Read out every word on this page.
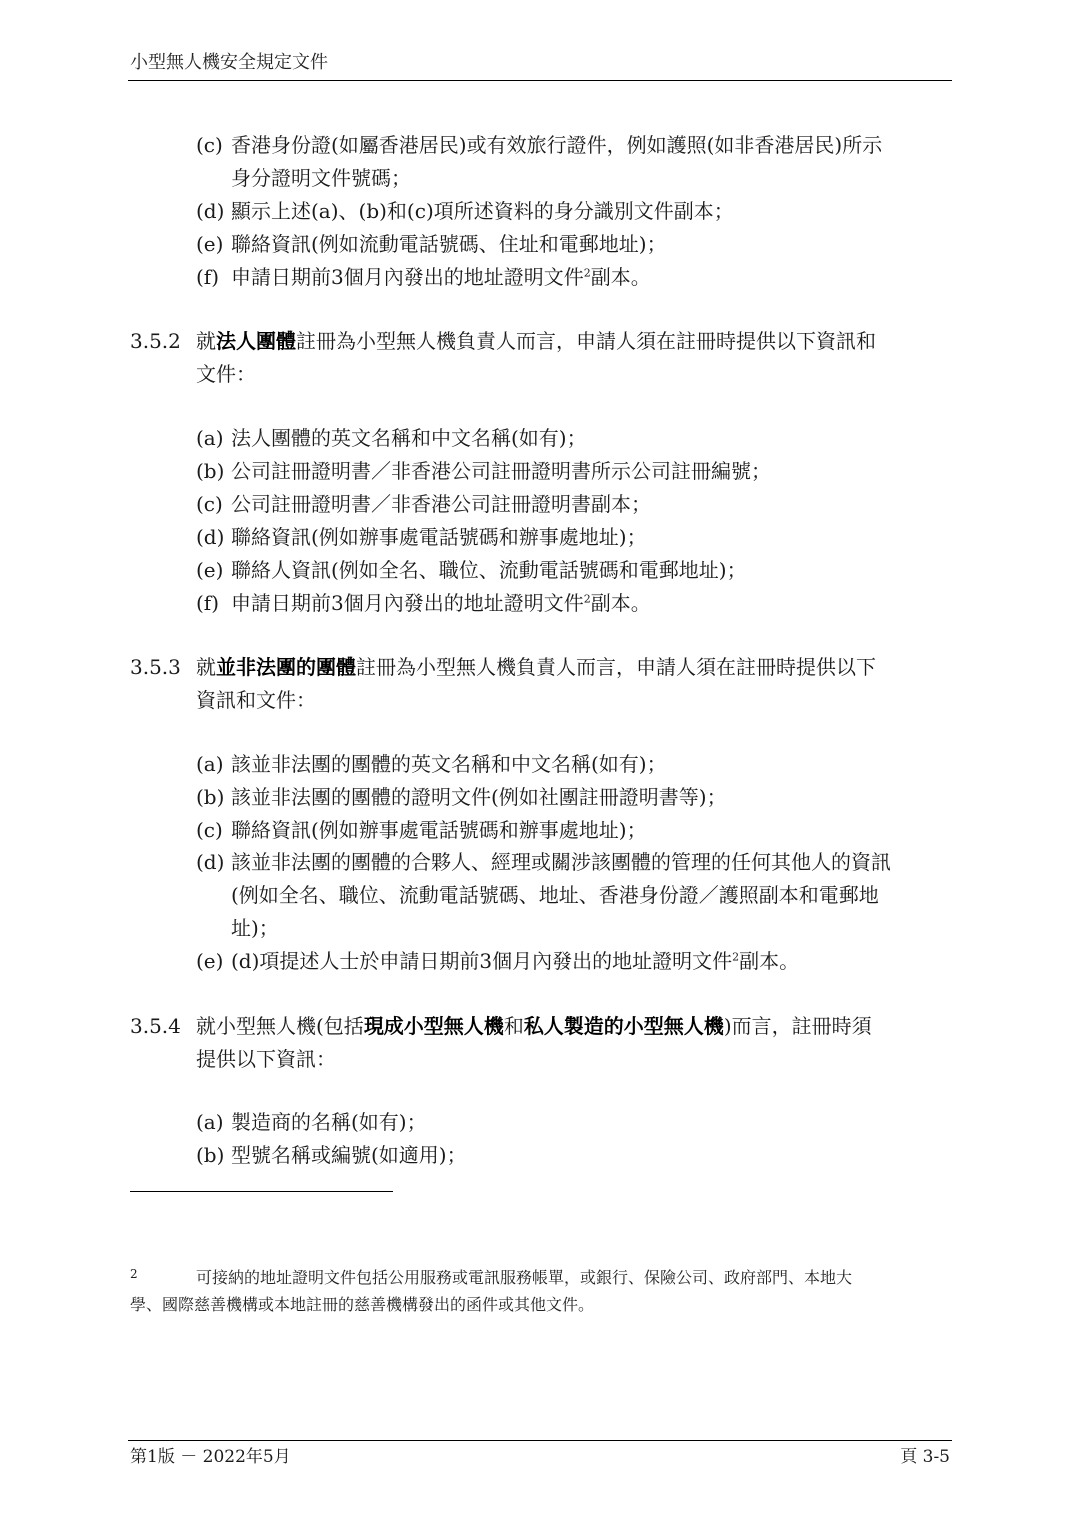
小型無人機安全規定文件
(c) 香港身份證(如屬香港居民)或有效旅行證件，例如護照(如非香港居民)所示
身分證明文件號碼；
(d) 顯示上述(a)、(b)和(c)項所述資料的身分識別文件副本；
(e) 聯絡資訊(例如流動電話號碼、住址和電郵地址)；
(f) 申請日期前3個月內發出的地址證明文件$^2$副本。
3.5.2 就法人團體註冊為小型無人機負責人而言，申請人須在註冊時提供以下資訊和
文件：
(a) 法人團體的英文名稱和中文名稱(如有)；
(b) 公司註冊證明書／非香港公司註冊證明書所示公司註冊編號；
(c) 公司註冊證明書／非香港公司註冊證明書副本；
(d) 聯絡資訊(例如辦事處電話號碼和辦事處地址)；
(e) 聯絡人資訊(例如全名、職位、流動電話號碼和電郵地址)；
(f) 申請日期前3個月內發出的地址證明文件$^2$副本。
3.5.3 就並非法團的團體註冊為小型無人機負責人而言，申請人須在註冊時提供以下
資訊和文件：
(a) 該並非法團的團體的英文名稱和中文名稱(如有)；
(b) 該並非法團的團體的證明文件(例如社團註冊證明書等)；
(c) 聯絡資訊(例如辦事處電話號碼和辦事處地址)；
(d) 該並非法團的團體的合夥人、經理或關涉該團體的管理的任何其他人的資訊
(例如全名、職位、流動電話號碼、地址、香港身份證／護照副本和電郵地
址)；
(e) (d)項提述人士於申請日期前3個月內發出的地址證明文件$^2$副本。
3.5.4 就小型無人機(包括現成小型無人機和私人製造的小型無人機)而言，註冊時須
提供以下資訊：
(a) 製造商的名稱(如有)；
(b) 型號名稱或編號(如適用)；
2	可接納的地址證明文件包括公用服務或電訊服務帳單，或銀行、保險公司、政府部門、本地大
學、國際慈善機構或本地註冊的慈善機構發出的函件或其他文件。
第1版 － 2022年5月	頁 3-5
